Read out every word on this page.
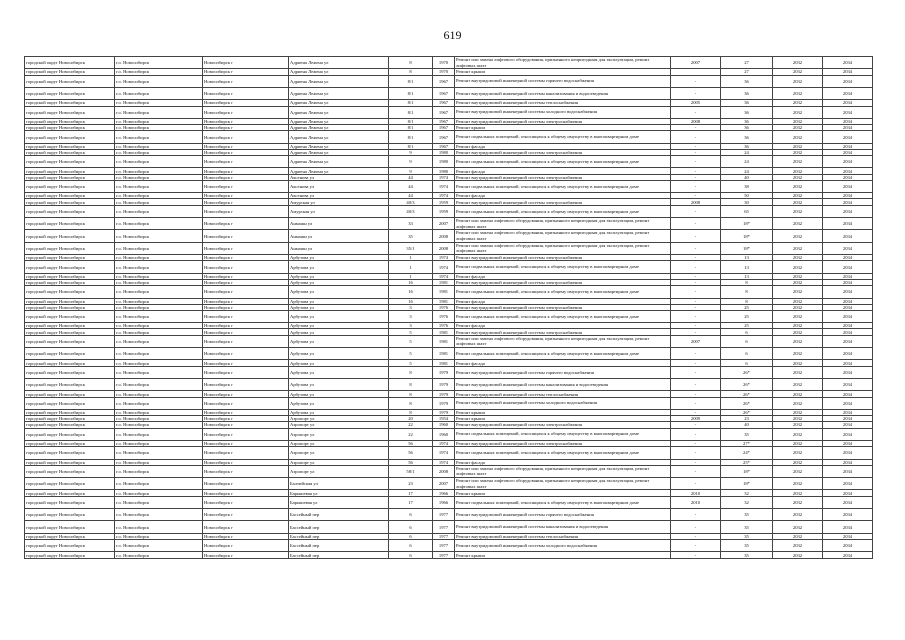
619
городской округ Новосибирск	г.о. Новосибирск	Новосибирск г	Адриена Лежена ул	8	1970	Ремонт или замена лифтового оборудования, признанного непригодным для эксплуатации, ремонт лифтовых шахт	2007	27	2032	2034
городской округ Новосибирск	г.о. Новосибирск	Новосибирск г	Адриена Лежена ул	8	1970	Ремонт крыши		27	2032	2034
городской округ Новосибирск	г.о. Новосибирск	Новосибирск г	Адриена Лежена ул	8/1	1967	Ремонт внутридомовой инженерной системы горячего водоснабжения	-	36	2032	2034
городской округ Новосибирск	г.о. Новосибирск	Новосибирск г	Адриена Лежена ул	8/1	1967	Ремонт внутридомовой инженерной системы канализования и водоотведения	-	36	2032	2034
городской округ Новосибирск	г.о. Новосибирск	Новосибирск г	Адриена Лежена ул	8/1	1967	Ремонт внутридомовой инженерной системы теплоснабжения	2005	36	2032	2034
городской округ Новосибирск	г.о. Новосибирск	Новосибирск г	Адриена Лежена ул	8/1	1967	Ремонт внутридомовой инженерной системы холодного водоснабжения	-	36	2032	2034
городской округ Новосибирск	г.о. Новосибирск	Новосибирск г	Адриена Лежена ул	8/1	1967	Ремонт внутридомовой инженерной системы электроснабжения	2008	36	2032	2034
городской округ Новосибирск	г.о. Новосибирск	Новосибирск г	Адриена Лежена ул	8/1	1967	Ремонт крыши	-	36	2032	2034
городской округ Новосибирск	г.о. Новосибирск	Новосибирск г	Адриена Лежена ул	8/1	1967	Ремонт подвальных помещений, относящихся к общему имуществу в многоквартирном доме	-	36	2032	2034
городской округ Новосибирск	г.о. Новосибирск	Новосибирск г	Адриена Лежена ул	8/1	1967	Ремонт фасада	-	36	2032	2034
городской округ Новосибирск	г.о. Новосибирск	Новосибирск г	Адриена Лежена ул	9	1980	Ремонт внутридомовой инженерной системы электроснабжения	-	24	2032	2034
городской округ Новосибирск	г.о. Новосибирск	Новосибирск г	Адриена Лежена ул	9	1980	Ремонт подвальных помещений, относящихся к общему имуществу в многоквартирном доме	-	24	2032	2034
городской округ Новосибирск	г.о. Новосибирск	Новосибирск г	Адриена Лежена ул	9	1980	Ремонт фасада	-	24	2032	2034
городской округ Новосибирск	г.о. Новосибирск	Новосибирск г	Аксенова ул	44	1974	Ремонт внутридомовой инженерной системы электроснабжения	-	40	2032	2034
городской округ Новосибирск	г.о. Новосибирск	Новосибирск г	Аксенова ул	44	1974	Ремонт подвальных помещений, относящихся к общему имуществу в многоквартирном доме	-	38	2032	2034
городской округ Новосибирск	г.о. Новосибирск	Новосибирск г	Аксенова ул	44	1974	Ремонт фасада	-	50	2032	2034
городской округ Новосибирск	г.о. Новосибирск	Новосибирск г	Амурская ул	40/3	1959	Ремонт внутридомовой инженерной системы электроснабжения	2008	30	2032	2034
городской округ Новосибирск	г.о. Новосибирск	Новосибирск г	Амурская ул	40/3	1959	Ремонт подвальных помещений, относящихся к общему имуществу в многоквартирном доме	-	65	2032	2034
городской округ Новосибирск	г.о. Новосибирск	Новосибирск г	Анмашн ул	33	2007	Ремонт или замена лифтового оборудования, признанного непригодным для эксплуатации, ремонт лифтовых шахт	-	18*	2032	2034
городской округ Новосибирск	г.о. Новосибирск	Новосибирск г	Анмашн ул	35	2008	Ремонт или замена лифтового оборудования, признанного непригодным для эксплуатации, ремонт лифтовых шахт	-	18*	2032	2034
городской округ Новосибирск	г.о. Новосибирск	Новосибирск г	Анмашн ул	35/1	2008	Ремонт или замена лифтового оборудования, признанного непригодным для эксплуатации, ремонт лифтовых шахт	-	18*	2032	2034
городской округ Новосибирск	г.о. Новосибирск	Новосибирск г	Арбузова ул	1	1974	Ремонт внутридомовой инженерной системы электроснабжения	-	13	2032	2034
городской округ Новосибирск	г.о. Новосибирск	Новосибирск г	Арбузова ул	1	1974	Ремонт подвальных помещений, относящихся к общему имуществу в многоквартирном доме	-	13	2032	2034
городской округ Новосибирск	г.о. Новосибирск	Новосибирск г	Арбузова ул	1	1974	Ремонт фасада	-	13	2032	2034
городской округ Новосибирск	г.о. Новосибирск	Новосибирск г	Арбузова ул	16	1981	Ремонт внутридомовой инженерной системы электроснабжения	-	8	2032	2034
городской округ Новосибирск	г.о. Новосибирск	Новосибирск г	Арбузова ул	16	1981	Ремонт подвальных помещений, относящихся к общему имуществу в многоквартирном доме	-	8	2032	2034
городской округ Новосибирск	г.о. Новосибирск	Новосибирск г	Арбузова ул	16	1981	Ремонт фасада	-	8	2032	2034
городской округ Новосибирск	г.о. Новосибирск	Новосибирск г	Арбузова ул	3	1976	Ремонт внутридомовой инженерной системы электроснабжения	-	25	2032	2034
городской округ Новосибирск	г.о. Новосибирск	Новосибирск г	Арбузова ул	3	1976	Ремонт подвальных помещений, относящихся к общему имуществу в многоквартирном доме	-	25	2032	2034
городской округ Новосибирск	г.о. Новосибирск	Новосибирск г	Арбузова ул	3	1976	Ремонт фасада	-	25	2032	2034
городской округ Новосибирск	г.о. Новосибирск	Новосибирск г	Арбузова ул	5	1981	Ремонт внутридомовой инженерной системы электроснабжения	-	6	2032	2034
городской округ Новосибирск	г.о. Новосибирск	Новосибирск г	Арбузова ул	5	1981	Ремонт или замена лифтового оборудования, признанного непригодным для эксплуатации, ремонт лифтовых шахт	2007	6	2032	2034
городской округ Новосибирск	г.о. Новосибирск	Новосибирск г	Арбузова ул	5	1981	Ремонт подвальных помещений, относящихся к общему имуществу в многоквартирном доме	-	6	2032	2034
городской округ Новосибирск	г.о. Новосибирск	Новосибирск г	Арбузова ул	5	1981	Ремонт фасада	-	6	2032	2034
городской округ Новосибирск	г.о. Новосибирск	Новосибирск г	Арбузова ул	8	1979	Ремонт внутридомовой инженерной системы горячего водоснабжения	-	26*	2032	2034
городской округ Новосибирск	г.о. Новосибирск	Новосибирск г	Арбузова ул	8	1979	Ремонт внутридомовой инженерной системы канализования и водоотведения	-	26*	2032	2034
городской округ Новосибирск	г.о. Новосибирск	Новосибирск г	Арбузова ул	8	1979	Ремонт внутридомовой инженерной системы теплоснабжения	-	26*	2032	2034
городской округ Новосибирск	г.о. Новосибирск	Новосибирск г	Арбузова ул	8	1979	Ремонт внутридомовой инженерной системы холодного водоснабжения	-	26*	2032	2034
городской округ Новосибирск	г.о. Новосибирск	Новосибирск г	Арбузова ул	8	1979	Ремонт крыши	-	26*	2032	2034
городской округ Новосибирск	г.о. Новосибирск	Новосибирск г	Аэропорт ул	20	1954	Ремонт крыши	2009	23	2032	2034
городской округ Новосибирск	г.о. Новосибирск	Новосибирск г	Аэропорт ул	22	1960	Ремонт внутридомовой инженерной системы электроснабжения	-	40	2032	2034
городской округ Новосибирск	г.о. Новосибирск	Новосибирск г	Аэропорт ул	22	1960	Ремонт подвальных помещений, относящихся к общему имуществу в многоквартирном доме	-	35	2032	2034
городской округ Новосибирск	г.о. Новосибирск	Новосибирск г	Аэропорт ул	56	1974	Ремонт внутридомовой инженерной системы электроснабжения	-	27*	2032	2034
городской округ Новосибирск	г.о. Новосибирск	Новосибирск г	Аэропорт ул	56	1974	Ремонт подвальных помещений, относящихся к общему имуществу в многоквартирном доме	-	24*	2032	2034
городской округ Новосибирск	г.о. Новосибирск	Новосибирск г	Аэропорт ул	56	1974	Ремонт фасада	-	25*	2032	2034
городской округ Новосибирск	г.о. Новосибирск	Новосибирск г	Аэропорт ул	58/1	2008	Ремонт или замена лифтового оборудования, признанного непригодным для эксплуатации, ремонт лифтовых шахт	-	18*	2032	2034
городской округ Новосибирск	г.о. Новосибирск	Новосибирск г	Балтийская ул	23	2007	Ремонт или замена лифтового оборудования, признанного непригодным для эксплуатации, ремонт лифтовых шахт	-	18*	2032	2034
городской округ Новосибирск	г.о. Новосибирск	Новосибирск г	Барышевая ул	17	1966	Ремонт крыши	2010	32	2032	2034
городской округ Новосибирск	г.о. Новосибирск	Новосибирск г	Барышевая ул	17	1966	Ремонт подвальных помещений, относящихся к общему имуществу в многоквартирном доме	2010	32	2032	2034
городской округ Новосибирск	г.о. Новосибирск	Новосибирск г	Бассейный пер	6	1977	Ремонт внутридомовой инженерной системы горячего водоснабжения	-	35	2032	2034
городской округ Новосибирск	г.о. Новосибирск	Новосибирск г	Бассейный пер	6	1977	Ремонт внутридомовой инженерной системы канализования и водоотведения	-	35	2032	2034
городской округ Новосибирск	г.о. Новосибирск	Новосибирск г	Бассейный пер	6	1977	Ремонт внутридомовой инженерной системы теплоснабжения	-	35	2032	2034
городской округ Новосибирск	г.о. Новосибирск	Новосибирск г	Бассейный пер	6	1977	Ремонт внутридомовой инженерной системы холодного водоснабжения	-	35	2032	2034
городской округ Новосибирск	г.о. Новосибирск	Новосибирск г	Бассейный пер	6	1977	Ремонт крыши	-	35	2032	2034
